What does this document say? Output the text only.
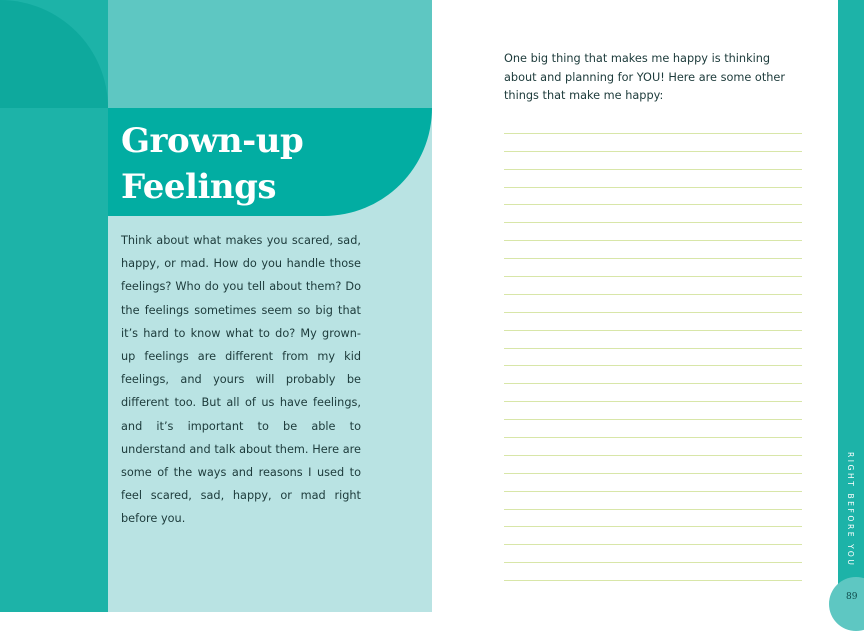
Grown-up
Feelings

Think about what makes you scared, sad, happy, or mad. How do you handle those feelings? Who do you tell about them? Do the feelings sometimes seem so big that it’s hard to know what to do? My grown-up feelings are different from my kid feelings, and yours will probably be different too. But all of us have feelings, and it’s important to be able to understand and talk about them. Here are some of the ways and reasons I used to feel scared, sad, happy, or mad right before you.

One big thing that makes me happy is thinking about and planning for YOU! Here are some other things that make me happy:

RIGHT BEFORE YOU
89
